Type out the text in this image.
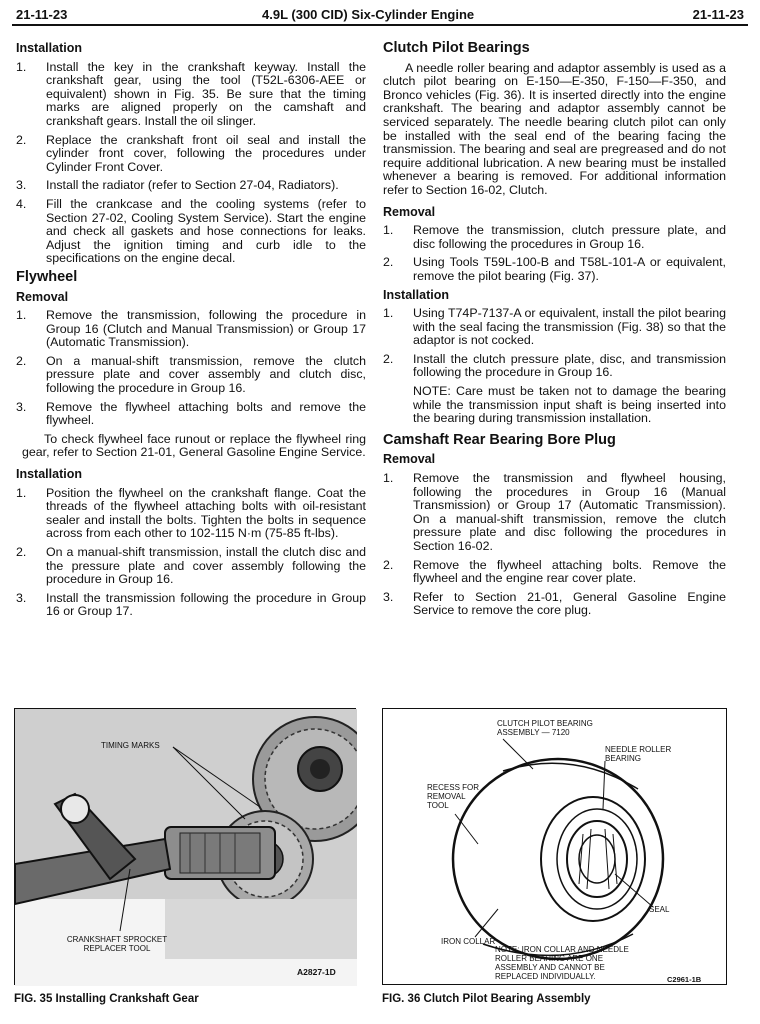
21-11-23	4.9L (300 CID) Six-Cylinder Engine	21-11-23
Installation
1. Install the key in the crankshaft keyway. Install the crankshaft gear, using the tool (T52L-6306-AEE or equivalent) shown in Fig. 35. Be sure that the timing marks are aligned properly on the camshaft and crankshaft gears. Install the oil slinger.
2. Replace the crankshaft front oil seal and install the cylinder front cover, following the procedures under Cylinder Front Cover.
3. Install the radiator (refer to Section 27-04, Radiators).
4. Fill the crankcase and the cooling systems (refer to Section 27-02, Cooling System Service). Start the engine and check all gaskets and hose connections for leaks. Adjust the ignition timing and curb idle to the specifications on the engine decal.
Flywheel
Removal
1. Remove the transmission, following the procedure in Group 16 (Clutch and Manual Transmission) or Group 17 (Automatic Transmission).
2. On a manual-shift transmission, remove the clutch pressure plate and cover assembly and clutch disc, following the procedure in Group 16.
3. Remove the flywheel attaching bolts and remove the flywheel.

To check flywheel face runout or replace the flywheel ring gear, refer to Section 21-01, General Gasoline Engine Service.

Installation
1. Position the flywheel on the crankshaft flange. Coat the threads of the flywheel attaching bolts with oil-resistant sealer and install the bolts. Tighten the bolts in sequence across from each other to 102-115 N·m (75-85 ft-lbs).
2. On a manual-shift transmission, install the clutch disc and the pressure plate and cover assembly following the procedure in Group 16.
3. Install the transmission following the procedure in Group 16 or Group 17.
Clutch Pilot Bearings

A needle roller bearing and adaptor assembly is used as a clutch pilot bearing on E-150—E-350, F-150—F-350, and Bronco vehicles (Fig. 36). It is inserted directly into the engine crankshaft. The bearing and adaptor assembly cannot be serviced separately. The needle bearing clutch pilot can only be installed with the seal end of the bearing facing the transmission. The bearing and seal are pregreased and do not require additional lubrication. A new bearing must be installed whenever a bearing is removed. For additional information refer to Section 16-02, Clutch.

Removal
1. Remove the transmission, clutch pressure plate, and disc following the procedures in Group 16.
2. Using Tools T59L-100-B and T58L-101-A or equivalent, remove the pilot bearing (Fig. 37).
Installation
1. Using T74P-7137-A or equivalent, install the pilot bearing with the seal facing the transmission (Fig. 38) so that the adaptor is not cocked.
2. Install the clutch pressure plate, disc, and transmission following the procedure in Group 16.

NOTE: Care must be taken not to damage the bearing while the transmission input shaft is being inserted into the bearing during transmission installation.

Camshaft Rear Bearing Bore Plug
Removal
1. Remove the transmission and flywheel housing, following the procedures in Group 16 (Manual Transmission) or Group 17 (Automatic Transmission). On a manual-shift transmission, remove the clutch pressure plate and disc following the procedures in Section 16-02.
2. Remove the flywheel attaching bolts. Remove the flywheel and the engine rear cover plate.
3. Refer to Section 21-01, General Gasoline Engine Service to remove the core plug.
TIMING MARKS
CRANKSHAFT SPROCKET
REPLACER TOOL
A2827-1D
FIG. 35 Installing Crankshaft Gear
CLUTCH PILOT BEARING
ASSEMBLY — 7120
NEEDLE ROLLER
BEARING
RECESS FOR
REMOVAL
TOOL
SEAL
IRON COLLAR
NOTE: IRON COLLAR AND NEEDLE
ROLLER BEARING ARE ONE
ASSEMBLY AND CANNOT BE
REPLACED INDIVIDUALLY.	C2961-1B
FIG. 36 Clutch Pilot Bearing Assembly
